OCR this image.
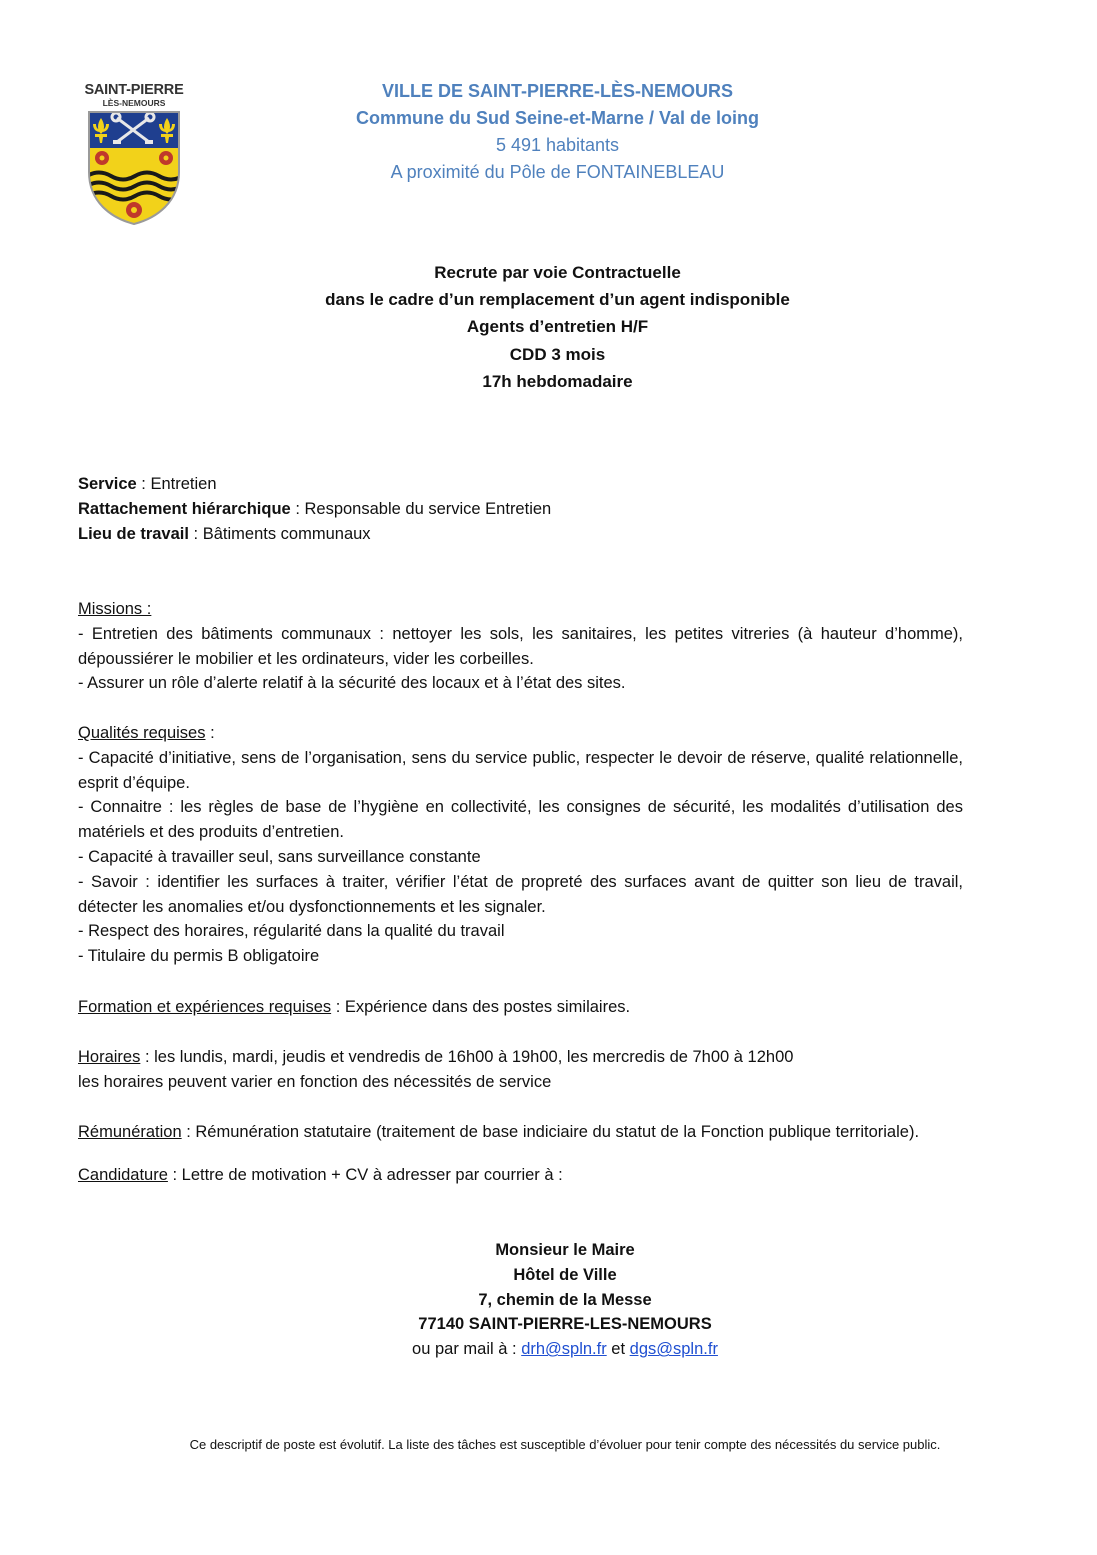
SAINT-PIERRE
LÈS-NEMOURS
VILLE DE SAINT-PIERRE-LÈS-NEMOURS
Commune du Sud Seine-et-Marne / Val de loing
5 491 habitants
A proximité du Pôle de FONTAINEBLEAU
Recrute par voie Contractuelle
dans le cadre d’un remplacement d’un agent indisponible
Agents d’entretien H/F
CDD 3 mois
17h hebdomadaire
Service : Entretien
Rattachement hiérarchique : Responsable du service Entretien
Lieu de travail : Bâtiments communaux
Missions :
- Entretien des bâtiments communaux : nettoyer les sols, les sanitaires, les petites vitreries (à hauteur d’homme), dépoussiérer le mobilier et les ordinateurs, vider les corbeilles.
- Assurer un rôle d’alerte relatif à la sécurité des locaux et à l’état des sites.
Qualités requises :
- Capacité d’initiative, sens de l’organisation, sens du service public, respecter le devoir de réserve, qualité relationnelle, esprit d’équipe.
- Connaitre : les règles de base de l’hygiène en collectivité, les consignes de sécurité, les modalités d’utilisation des matériels et des produits d’entretien.
- Capacité à travailler seul, sans surveillance constante
- Savoir : identifier les surfaces à traiter, vérifier l’état de propreté des surfaces avant de quitter son lieu de travail, détecter les anomalies et/ou dysfonctionnements et les signaler.
- Respect des horaires, régularité dans la qualité du travail
- Titulaire du permis B obligatoire
Formation et expériences requises : Expérience dans des postes similaires.
Horaires : les lundis, mardi, jeudis et vendredis de 16h00 à 19h00, les mercredis de 7h00 à 12h00
les horaires peuvent varier en fonction des nécessités de service
Rémunération : Rémunération statutaire (traitement de base indiciaire du statut de la Fonction publique territoriale).
Candidature : Lettre de motivation + CV à adresser par courrier à :
Monsieur le Maire
Hôtel de Ville
7, chemin de la Messe
77140 SAINT-PIERRE-LES-NEMOURS
ou par mail à : drh@spln.fr et dgs@spln.fr
Ce descriptif de poste est évolutif. La liste des tâches est susceptible d’évoluer pour tenir compte des nécessités du service public.
